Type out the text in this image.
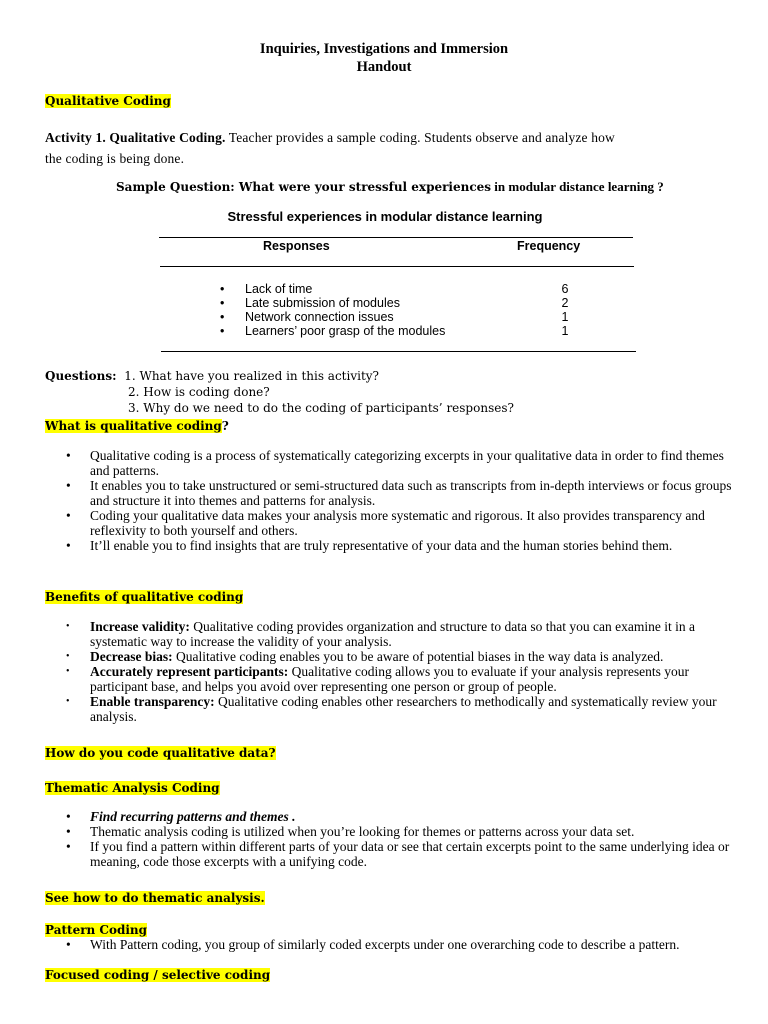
Inquiries, Investigations and Immersion
Handout
Qualitative Coding
Activity 1. Qualitative Coding. Teacher provides a sample coding. Students observe and analyze how
the coding is being done.
Sample Question: What were your stressful experiences in modular distance learning ?
Stressful experiences in modular distance learning
Responses	Frequency
• Lack of time	6
• Late submission of modules	2
• Network connection issues	1
• Learners’ poor grasp of the modules	1
Questions: 1. What have you realized in this activity?
2. How is coding done?
3. Why do we need to do the coding of participants’ responses?
What is qualitative coding?
• Qualitative coding is a process of systematically categorizing excerpts in your qualitative data in order to find themes and patterns.
• It enables you to take unstructured or semi-structured data such as transcripts from in-depth interviews or focus groups and structure it into themes and patterns for analysis.
• Coding your qualitative data makes your analysis more systematic and rigorous. It also provides transparency and reflexivity to both yourself and others.
• It’ll enable you to find insights that are truly representative of your data and the human stories behind them.
Benefits of qualitative coding
• Increase validity: Qualitative coding provides organization and structure to data so that you can examine it in a systematic way to increase the validity of your analysis.
• Decrease bias: Qualitative coding enables you to be aware of potential biases in the way data is analyzed.
• Accurately represent participants: Qualitative coding allows you to evaluate if your analysis represents your participant base, and helps you avoid over representing one person or group of people.
• Enable transparency: Qualitative coding enables other researchers to methodically and systematically review your analysis.
How do you code qualitative data?
Thematic Analysis Coding
• Find recurring patterns and themes .
• Thematic analysis coding is utilized when you’re looking for themes or patterns across your data set.
• If you find a pattern within different parts of your data or see that certain excerpts point to the same underlying idea or meaning, code those excerpts with a unifying code.
See how to do thematic analysis.
Pattern Coding
• With Pattern coding, you group of similarly coded excerpts under one overarching code to describe a pattern.
Focused coding / selective coding
